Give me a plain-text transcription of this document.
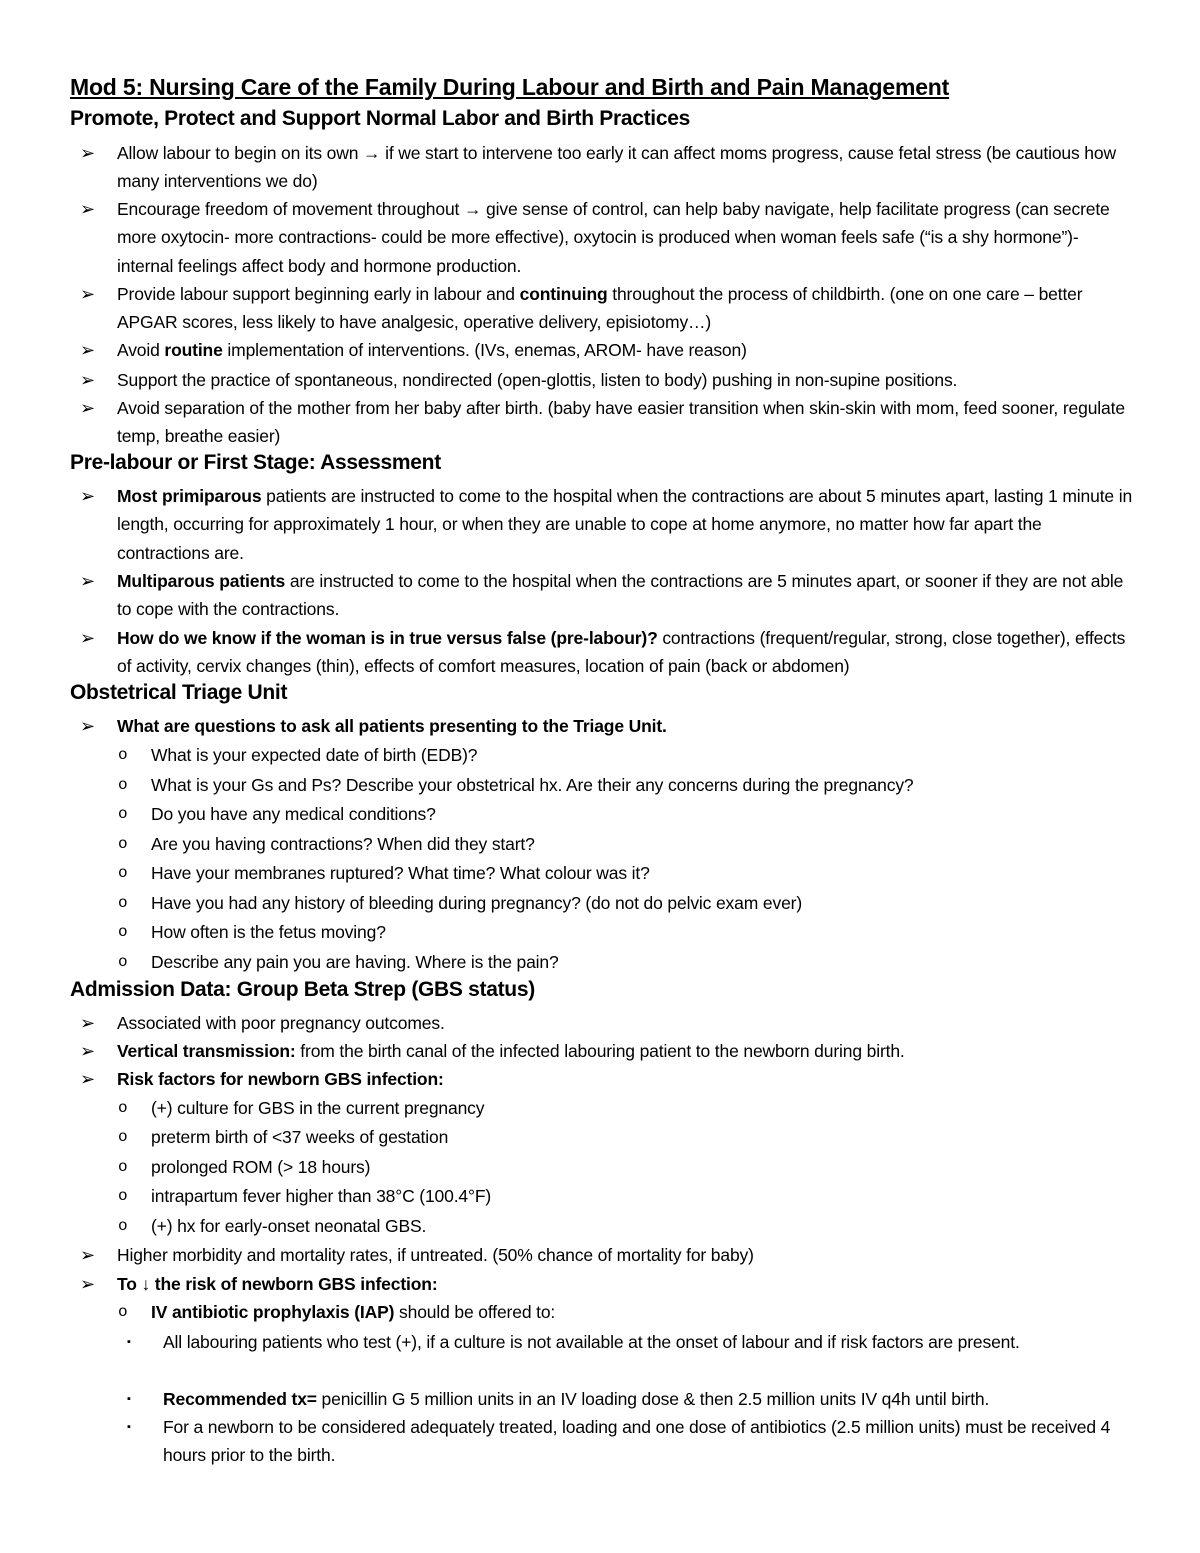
Mod 5: Nursing Care of the Family During Labour and Birth and Pain Management
Promote, Protect and Support Normal Labor and Birth Practices
➢ Allow labour to begin on its own → if we start to intervene too early it can affect moms progress, cause fetal stress (be cautious how many interventions we do)
➢ Encourage freedom of movement throughout → give sense of control, can help baby navigate, help facilitate progress (can secrete more oxytocin- more contractions- could be more effective), oxytocin is produced when woman feels safe (“is a shy hormone”)- internal feelings affect body and hormone production.
➢ Provide labour support beginning early in labour and continuing throughout the process of childbirth. (one on one care – better APGAR scores, less likely to have analgesic, operative delivery, episiotomy…)
➢ Avoid routine implementation of interventions. (IVs, enemas, AROM- have reason)
➢ Support the practice of spontaneous, nondirected (open-glottis, listen to body) pushing in non-supine positions.
➢ Avoid separation of the mother from her baby after birth. (baby have easier transition when skin-skin with mom, feed sooner, regulate temp, breathe easier)
Pre-labour or First Stage: Assessment
➢ Most primiparous patients are instructed to come to the hospital when the contractions are about 5 minutes apart, lasting 1 minute in length, occurring for approximately 1 hour, or when they are unable to cope at home anymore, no matter how far apart the contractions are.
➢ Multiparous patients are instructed to come to the hospital when the contractions are 5 minutes apart, or sooner if they are not able to cope with the contractions.
➢ How do we know if the woman is in true versus false (pre-labour)? contractions (frequent/regular, strong, close together), effects of activity, cervix changes (thin), effects of comfort measures, location of pain (back or abdomen)
Obstetrical Triage Unit
➢ What are questions to ask all patients presenting to the Triage Unit.
o What is your expected date of birth (EDB)?
o What is your Gs and Ps? Describe your obstetrical hx. Are their any concerns during the pregnancy?
o Do you have any medical conditions?
o Are you having contractions? When did they start?
o Have your membranes ruptured? What time? What colour was it?
o Have you had any history of bleeding during pregnancy? (do not do pelvic exam ever)
o How often is the fetus moving?
o Describe any pain you are having. Where is the pain?
Admission Data: Group Beta Strep (GBS status)
➢ Associated with poor pregnancy outcomes.
➢ Vertical transmission: from the birth canal of the infected labouring patient to the newborn during birth.
➢ Risk factors for newborn GBS infection:
o (+) culture for GBS in the current pregnancy
o preterm birth of <37 weeks of gestation
o prolonged ROM (> 18 hours)
o intrapartum fever higher than 38°C (100.4°F)
o (+) hx for early-onset neonatal GBS.
➢ Higher morbidity and mortality rates, if untreated. (50% chance of mortality for baby)
➢ To ↓ the risk of newborn GBS infection:
o IV antibiotic prophylaxis (IAP) should be offered to:
▪ All labouring patients who test (+), if a culture is not available at the onset of labour and if risk factors are present.
▪ Recommended tx= penicillin G 5 million units in an IV loading dose & then 2.5 million units IV q4h until birth.
▪ For a newborn to be considered adequately treated, loading and one dose of antibiotics (2.5 million units) must be received 4 hours prior to the birth.
